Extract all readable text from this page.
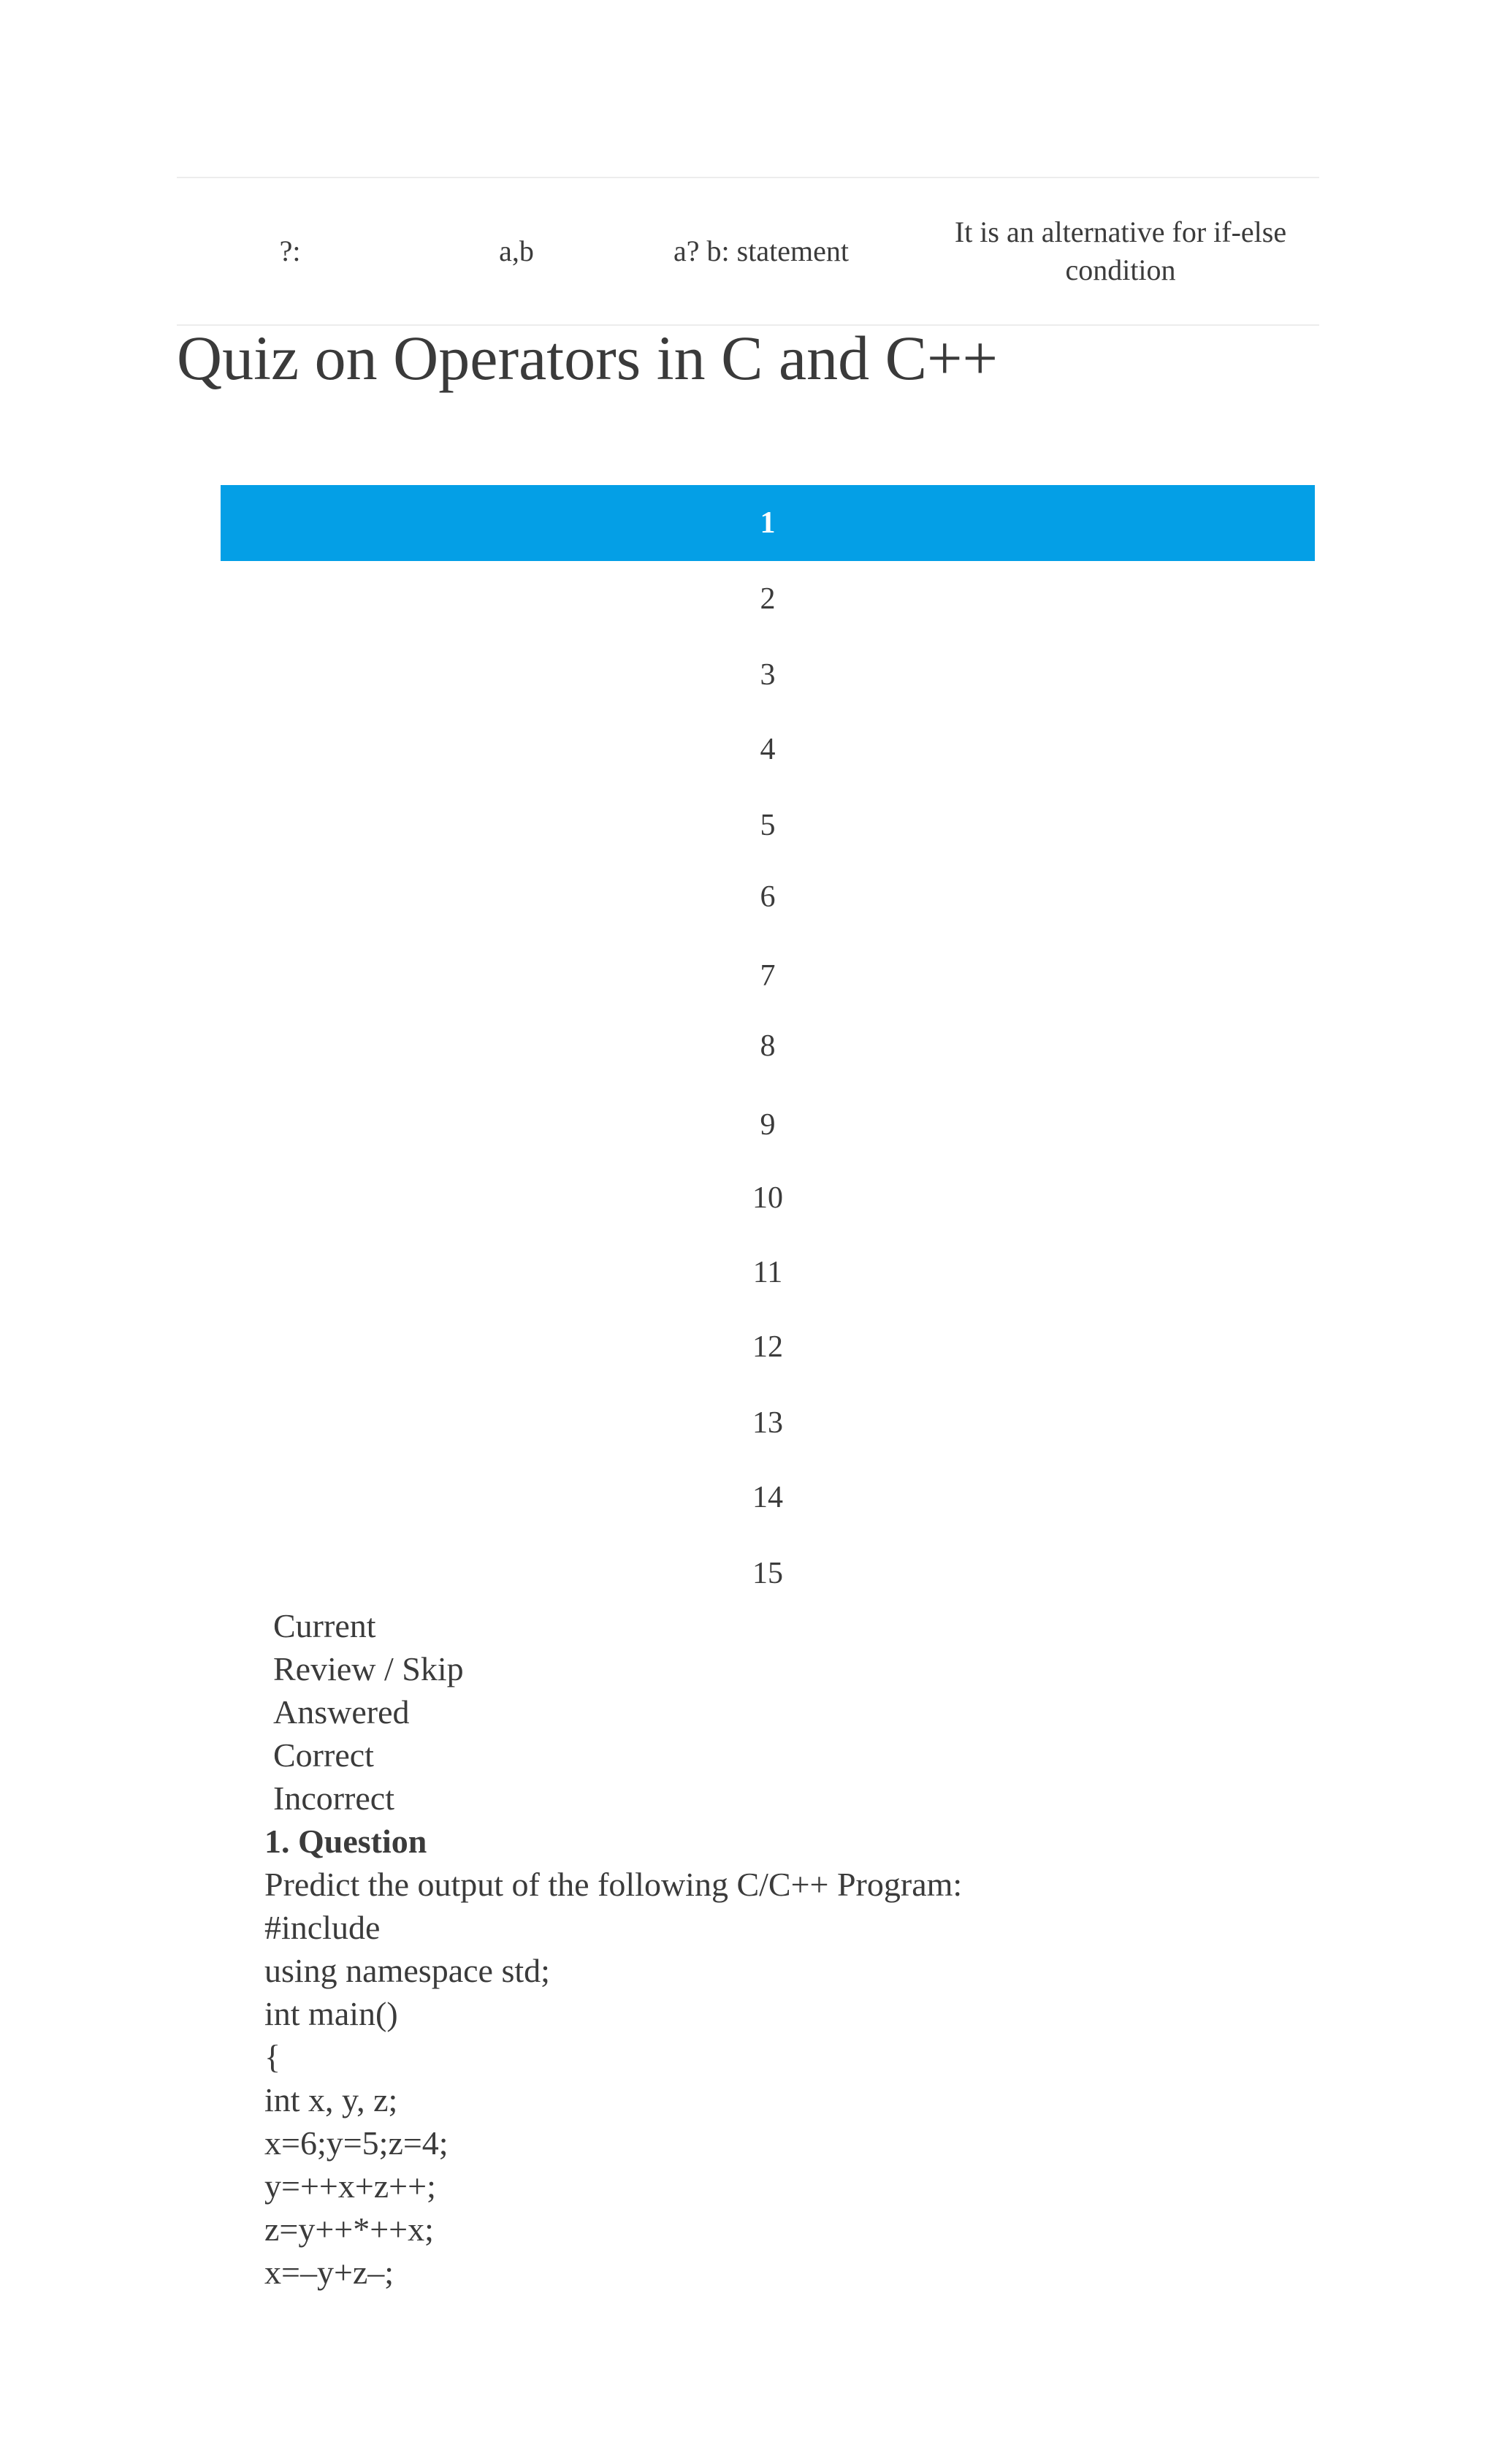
?:	a,b	a? b: statement
It is an alternative for if-else
condition
Quiz on Operators in C and C++
1
2
3
4
5
6
7
8
9
10
11
12
13
14
15
Current
Review / Skip
Answered
Correct
Incorrect
1. Question
Predict the output of the following C/C++ Program:
#include
using namespace std;
int main()
{
int x, y, z;
x=6;y=5;z=4;
y=++x+z++;
z=y++*++x;
x=–y+z–;
